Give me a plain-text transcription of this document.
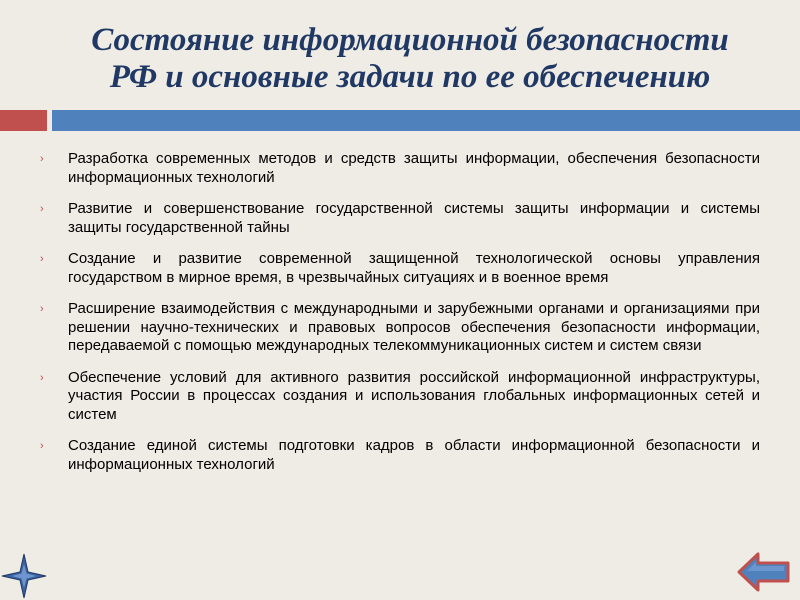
Состояние информационной безопасности
РФ и основные задачи по ее обеспечению
› Разработка современных методов и средств защиты информации, обеспечения безопасности информационных технологий
› Развитие и совершенствование государственной системы защиты информации и системы защиты государственной тайны
› Создание и развитие современной защищенной технологической основы управления государством в мирное время, в чрезвычайных ситуациях и в военное время
› Расширение взаимодействия с международными и зарубежными органами и организациями при решении научно-технических и правовых вопросов обеспечения безопасности информации, передаваемой с помощью международных телекоммуникационных систем и систем связи
› Обеспечение условий для активного развития российской информационной инфраструктуры, участия России в процессах создания и использования глобальных информационных сетей и систем
› Создание единой системы подготовки кадров в области информационной безопасности и информационных технологий
